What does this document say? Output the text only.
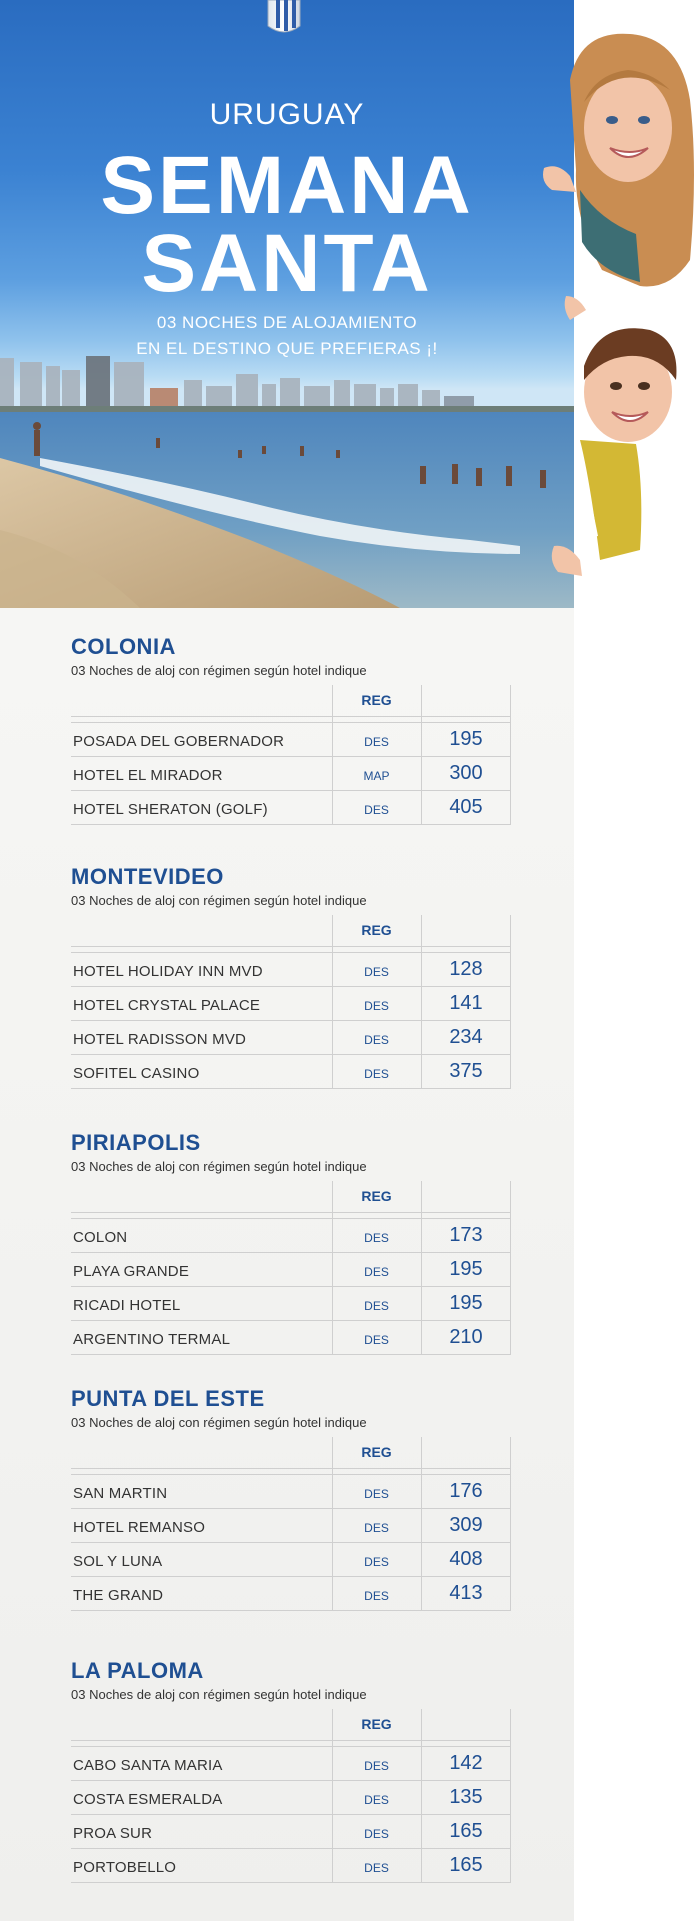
URUGUAY
SEMANA
SANTA
03 NOCHES DE ALOJAMIENTO
EN EL DESTINO QUE PREFIERAS ¡!
COLONIA
03 Noches de aloj con régimen según hotel indique
REG
POSADA DEL GOBERNADOR	DES	195
HOTEL EL MIRADOR	MAP	300
HOTEL SHERATON (GOLF)	DES	405
MONTEVIDEO
03 Noches de aloj con régimen según hotel indique
REG
HOTEL HOLIDAY INN MVD	DES	128
HOTEL CRYSTAL PALACE	DES	141
HOTEL RADISSON MVD	DES	234
SOFITEL CASINO	DES	375
PIRIAPOLIS
03 Noches de aloj con régimen según hotel indique
REG
COLON	DES	173
PLAYA GRANDE	DES	195
RICADI HOTEL	DES	195
ARGENTINO TERMAL	DES	210
PUNTA DEL ESTE
03 Noches de aloj con régimen según hotel indique
REG
SAN MARTIN	DES	176
HOTEL REMANSO	DES	309
SOL Y LUNA	DES	408
THE GRAND	DES	413
LA PALOMA
03 Noches de aloj con régimen según hotel indique
REG
CABO SANTA MARIA	DES	142
COSTA ESMERALDA	DES	135
PROA SUR	DES	165
PORTOBELLO	DES	165
